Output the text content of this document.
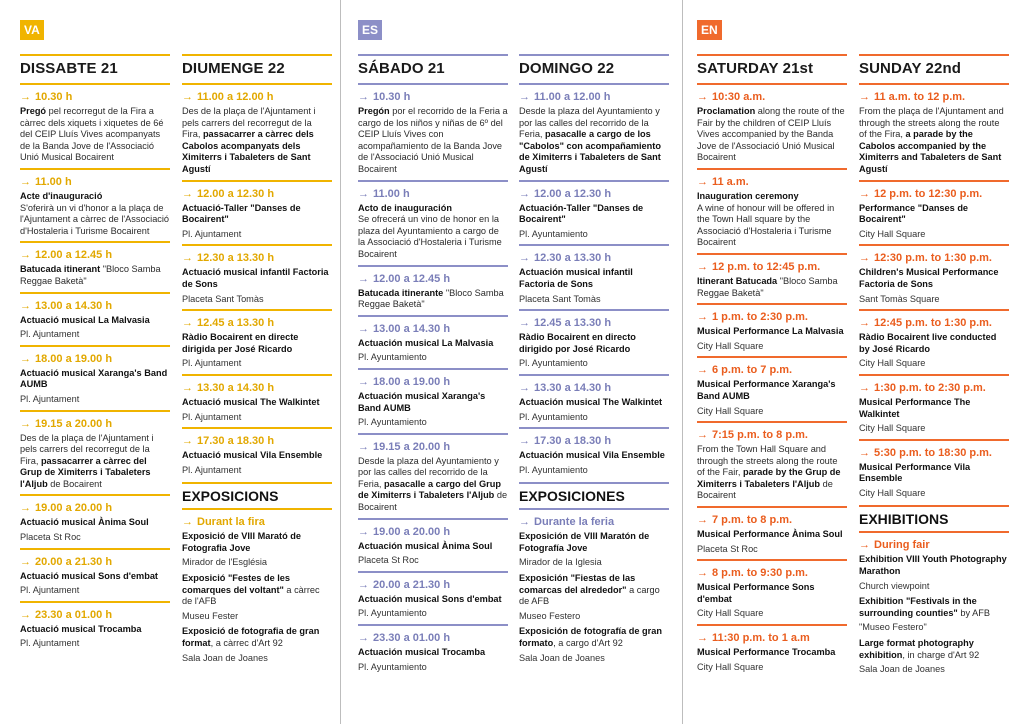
VA
DISSABTE 21
→ 10.30 h
Pregó pel recorregut de la Fira a càrrec dels xiquets i xiquetes de 6é del CEIP Lluís Vives acompanyats de la Banda Jove de l'Associació Unió Musical Bocairent
→ 11.00 h
Acte d'inauguració
S'oferirà un vi d'honor a la plaça de l'Ajuntament a càrrec de l'Associació d'Hostaleria i Turisme Bocairent
→ 12.00 a 12.45 h
Batucada itinerant "Bloco Samba Reggae Baketà"
→ 13.00 a 14.30 h
Actuació musical La Malvasia
Pl. Ajuntament
→ 18.00 a 19.00 h
Actuació musical Xaranga's Band AUMB
Pl. Ajuntament
→ 19.15 a 20.00 h
Des de la plaça de l'Ajuntament i pels carrers del recorregut de la Fira, passacarrer a càrrec del Grup de Ximiterrs i Tabaleters l'Aljub de Bocairent
→ 19.00 a 20.00 h
Actuació musical Ànima Soul
Placeta St Roc
→ 20.00 a 21.30 h
Actuació musical Sons d'embat
Pl. Ajuntament
→ 23.30 a 01.00 h
Actuació musical Trocamba
Pl. Ajuntament
DIUMENGE 22
→ 11.00 a 12.00 h
Des de la plaça de l'Ajuntament i pels carrers del recorregut de la Fira, passacarrer a càrrec dels Cabolos acompanyats dels Ximiterrs i Tabaleters de Sant Agustí
→ 12.00 a 12.30 h
Actuació-Taller "Danses de Bocairent"
Pl. Ajuntament
→ 12.30 a 13.30 h
Actuació musical infantil Factoria de Sons
Placeta Sant Tomàs
→ 12.45 a 13.30 h
Ràdio Bocairent en directe dirigida per José Ricardo
Pl. Ajuntament
→ 13.30 a 14.30 h
Actuació musical The Walkintet
Pl. Ajuntament
→ 17.30 a 18.30 h
Actuació musical Vila Ensemble
Pl. Ajuntament
EXPOSICIONS
→ Durant la fira
Exposició de VIII Marató de Fotografia Jove
Mirador de l'Església
Exposició "Festes de les comarques del voltant" a càrrec de l'AFB
Museu Fester
Exposició de fotografia de gran format, a càrrec d'Art 92
Sala Joan de Joanes
ES
SÁBADO 21
→ 10.30 h
Pregón por el recorrido de la Feria a cargo de los niños y niñas de 6º del CEIP Lluís Vives con acompañamiento de la Banda Jove de l'Associació Unió Musical Bocairent
→ 11.00 h
Acto de inauguración
Se ofrecerá un vino de honor en la plaza del Ayuntamiento a cargo de la Associació d'Hostaleria i Turisme Bocairent
→ 12.00 a 12.45 h
Batucada itinerante "Bloco Samba Reggae Baketà"
→ 13.00 a 14.30 h
Actuación musical La Malvasia
Pl. Ayuntamiento
→ 18.00 a 19.00 h
Actuación musical Xaranga's Band AUMB
Pl. Ayuntamiento
→ 19.15 a 20.00 h
Desde la plaza del Ayuntamiento y por las calles del recorrido de la Feria, pasacalle a cargo del Grup de Ximiterrs i Tabaleters l'Aljub de Bocairent
→ 19.00 a 20.00 h
Actuación musical Ànima Soul
Placeta St Roc
→ 20.00 a 21.30 h
Actuación musical Sons d'embat
Pl. Ayuntamiento
→ 23.30 a 01.00 h
Actuación musical Trocamba
Pl. Ayuntamiento
DOMINGO 22
→ 11.00 a 12.00 h
Desde la plaza del Ayuntamiento y por las calles del recorrido de la Feria, pasacalle a cargo de los "Cabolos" con acompañamiento de Ximiterrs i Tabaleters de Sant Agustí
→ 12.00 a 12.30 h
Actuación-Taller "Danses de Bocairent"
Pl. Ayuntamiento
→ 12.30 a 13.30 h
Actuación musical infantil Factoria de Sons
Placeta Sant Tomàs
→ 12.45 a 13.30 h
Ràdio Bocairent en directo dirigido por José Ricardo
Pl. Ayuntamiento
→ 13.30 a 14.30 h
Actuación musical The Walkintet
Pl. Ayuntamiento
→ 17.30 a 18.30 h
Actuación musical Vila Ensemble
Pl. Ayuntamiento
EXPOSICIONES
→ Durante la feria
Exposición de VIII Maratón de Fotografía Jove
Mirador de la Iglesia
Exposición "Fiestas de las comarcas del alrededor" a cargo de AFB
Museo Festero
Exposición de fotografía de gran formato, a cargo d'Art 92
Sala Joan de Joanes
EN
SATURDAY 21st
→ 10:30 a.m.
Proclamation along the route of the Fair by the children of CEIP Lluís Vives accompanied by the Banda Jove de l'Associació Unió Musical Bocairent
→ 11 a.m.
Inauguration ceremony
A wine of honour will be offered in the Town Hall square by the Associació d'Hostaleria i Turisme Bocairent
→ 12 p.m. to 12:45 p.m.
Itinerant Batucada "Bloco Samba Reggae Baketà"
→ 1 p.m. to 2:30 p.m.
Musical Performance La Malvasia
City Hall Square
→ 6 p.m. to 7 p.m.
Musical Performance Xaranga's Band AUMB
City Hall Square
→ 7:15 p.m. to 8 p.m.
From the Town Hall Square and through the streets along the route of the Fair, parade by the Grup de Ximiterrs i Tabaleters l'Aljub de Bocairent
→ 7 p.m. to 8 p.m.
Musical Performance Ànima Soul
Placeta St Roc
→ 8 p.m. to 9:30 p.m.
Musical Performance Sons d'embat
City Hall Square
→ 11:30 p.m. to 1 a.m
Musical Performance Trocamba
City Hall Square
SUNDAY 22nd
→ 11 a.m. to 12 p.m.
From the plaça de l'Ajuntament and through the streets along the route of the Fira, a parade by the Cabolos accompanied by the Ximiterrs and Tabaleters de Sant Agustí
→ 12 p.m. to 12:30 p.m.
Performance "Danses de Bocairent"
City Hall Square
→ 12:30 p.m. to 1:30 p.m.
Children's Musical Performance Factoria de Sons
Sant Tomàs Square
→ 12:45 p.m. to 1:30 p.m.
Ràdio Bocairent live conducted by José Ricardo
City Hall Square
→ 1:30 p.m. to 2:30 p.m.
Musical Performance The Walkintet
City Hall Square
→ 5:30 p.m. to 18:30 p.m.
Musical Performance Vila Ensemble
City Hall Square
EXHIBITIONS
→ During fair
Exhibition VIII Youth Photography Marathon
Church viewpoint
Exhibition "Festivals in the surrounding counties" by AFB
"Museo Festero"
Large format photography exhibition, in charge d'Art 92
Sala Joan de Joanes
